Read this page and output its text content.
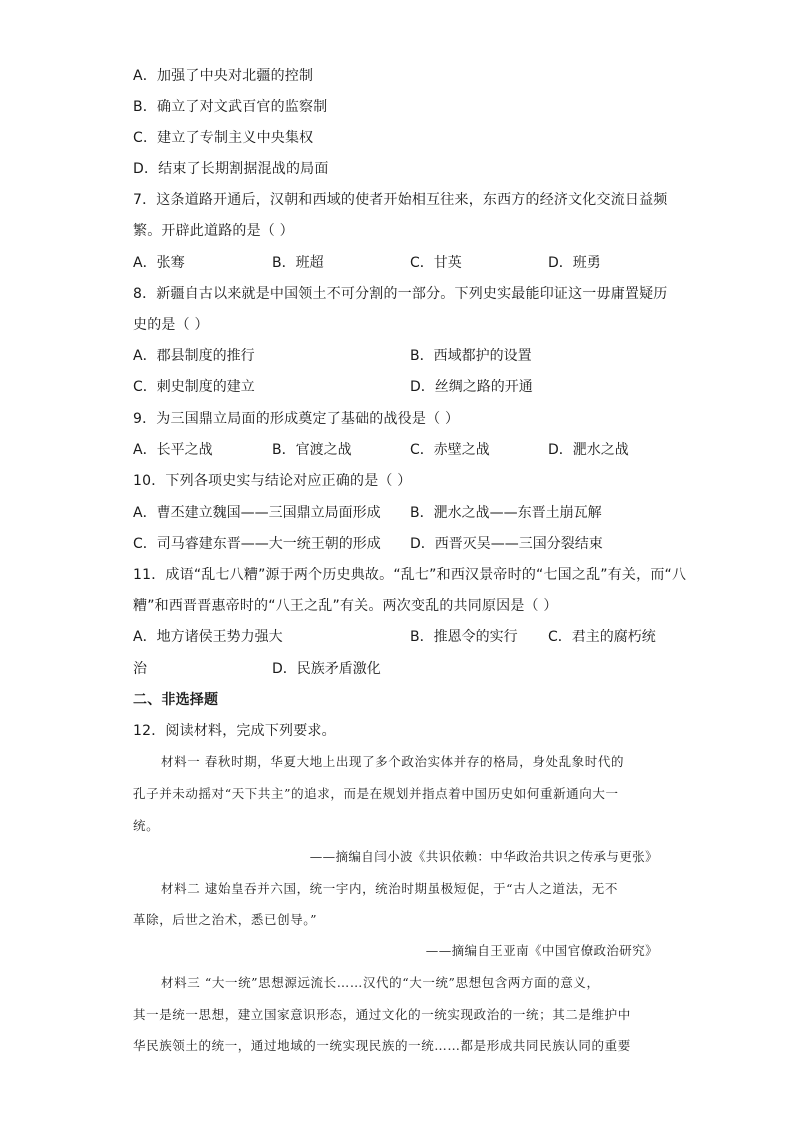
A．加强了中央对北疆的控制
B．确立了对文武百官的监察制
C．建立了专制主义中央集权
D．结束了长期割据混战的局面
7．这条道路开通后，汉朝和西域的使者开始相互往来，东西方的经济文化交流日益频
繁。开辟此道路的是（ ）
A．张骞	B．班超	C．甘英	D．班勇
8．新疆自古以来就是中国领土不可分割的一部分。下列史实最能印证这一毋庸置疑历
史的是（ ）
A．郡县制度的推行	B．西域都护的设置
C．刺史制度的建立	D．丝绸之路的开通
9．为三国鼎立局面的形成奠定了基础的战役是（ ）
A．长平之战	B．官渡之战	C．赤壁之战	D．淝水之战
10．下列各项史实与结论对应正确的是（ ）
A．曹丕建立魏国——三国鼎立局面形成 B．淝水之战——东晋土崩瓦解
C．司马睿建东晋——大一统王朝的形成 D．西晋灭吴——三国分裂结束
11．成语“乱七八糟”源于两个历史典故。“乱七”和西汉景帝时的“七国之乱”有关，而“八
糟”和西晋晋惠帝时的“八王之乱”有关。两次变乱的共同原因是（ ）
A．地方诸侯王势力强大	B．推恩令的实行 C．君主的腐朽统
治	D．民族矛盾激化
二、非选择题
12．阅读材料，完成下列要求。
材料一 春秋时期，华夏大地上出现了多个政治实体并存的格局，身处乱象时代的
孔子并未动摇对“天下共主”的追求，而是在规划并指点着中国历史如何重新通向大一
统。
——摘编自闫小波《共识依赖：中华政治共识之传承与更张》
材料二 逮始皇吞并六国，统一宇内，统治时期虽极短促，于“古人之道法，无不
革除，后世之治术，悉已创导。”
——摘编自王亚南《中国官僚政治研究》
材料三 “大一统”思想源远流长……汉代的“大一统”思想包含两方面的意义，
其一是统一思想，建立国家意识形态，通过文化的一统实现政治的一统；其二是维护中
华民族领土的统一，通过地域的一统实现民族的一统……都是形成共同民族认同的重要
